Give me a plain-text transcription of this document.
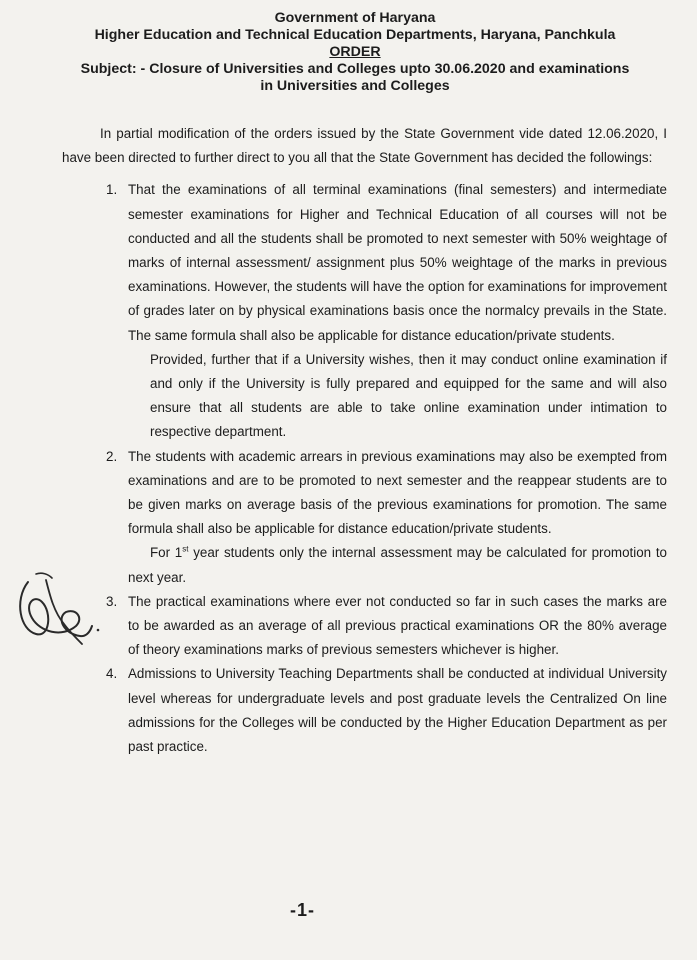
Government of Haryana
Higher Education and Technical Education Departments, Haryana, Panchkula
ORDER
Subject: - Closure of Universities and Colleges upto 30.06.2020 and examinations
in Universities and Colleges

In partial modification of the orders issued by the State Government vide dated 12.06.2020, I have been directed to further direct to you all that the State Government has decided the followings:

1. That the examinations of all terminal examinations (final semesters) and intermediate semester examinations for Higher and Technical Education of all courses will not be conducted and all the students shall be promoted to next semester with 50% weightage of marks of internal assessment/ assignment plus 50% weightage of the marks in previous examinations. However, the students will have the option for examinations for improvement of grades later on by physical examinations basis once the normalcy prevails in the State. The same formula shall also be applicable for distance education/private students.

Provided, further that if a University wishes, then it may conduct online examination if and only if the University is fully prepared and equipped for the same and will also ensure that all students are able to take online examination under intimation to respective department.

2. The students with academic arrears in previous examinations may also be exempted from examinations and are to be promoted to next semester and the reappear students are to be given marks on average basis of the previous examinations for promotion. The same formula shall also be applicable for distance education/private students.

For 1st year students only the internal assessment may be calculated for promotion to next year.

3. The practical examinations where ever not conducted so far in such cases the marks are to be awarded as an average of all previous practical examinations OR the 80% average of theory examinations marks of previous semesters whichever is higher.
4. Admissions to University Teaching Departments shall be conducted at individual University level whereas for undergraduate levels and post graduate levels the Centralized On line admissions for the Colleges will be conducted by the Higher Education Department as per past practice.
-1-
